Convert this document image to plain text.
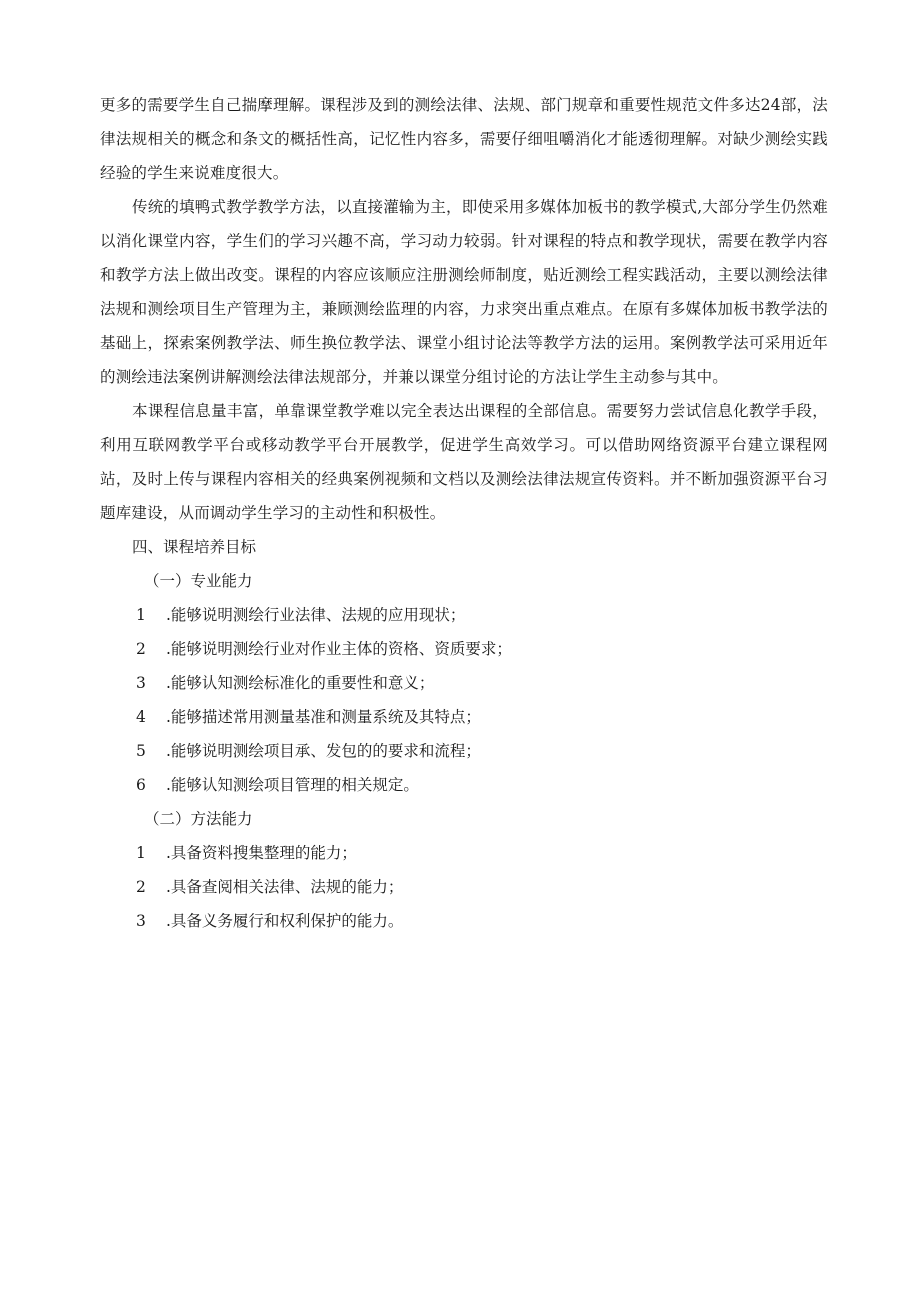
更多的需要学生自己揣摩理解。课程涉及到的测绘法律、法规、部门规章和重要性规范文件多达24部，法律法规相关的概念和条文的概括性高，记忆性内容多，需要仔细咀嚼消化才能透彻理解。对缺少测绘实践经验的学生来说难度很大。

传统的填鸭式教学教学方法，以直接灌输为主，即使采用多媒体加板书的教学模式,大部分学生仍然难以消化课堂内容，学生们的学习兴趣不高，学习动力较弱。针对课程的特点和教学现状，需要在教学内容和教学方法上做出改变。课程的内容应该顺应注册测绘师制度，贴近测绘工程实践活动，主要以测绘法律法规和测绘项目生产管理为主，兼顾测绘监理的内容，力求突出重点难点。在原有多媒体加板书教学法的基础上，探索案例教学法、师生换位教学法、课堂小组讨论法等教学方法的运用。案例教学法可采用近年的测绘违法案例讲解测绘法律法规部分，并兼以课堂分组讨论的方法让学生主动参与其中。

本课程信息量丰富，单靠课堂教学难以完全表达出课程的全部信息。需要努力尝试信息化教学手段，利用互联网教学平台或移动教学平台开展教学，促进学生高效学习。可以借助网络资源平台建立课程网站，及时上传与课程内容相关的经典案例视频和文档以及测绘法律法规宣传资料。并不断加强资源平台习题库建设，从而调动学生学习的主动性和积极性。

四、课程培养目标

（一）专业能力

1	.能够说明测绘行业法律、法规的应用现状；
2	.能够说明测绘行业对作业主体的资格、资质要求；
3	.能够认知测绘标准化的重要性和意义；
4	.能够描述常用测量基准和测量系统及其特点；
5	.能够说明测绘项目承、发包的的要求和流程；
6	.能够认知测绘项目管理的相关规定。

（二）方法能力

1	.具备资料搜集整理的能力；
2	.具备查阅相关法律、法规的能力；
3	.具备义务履行和权利保护的能力。
